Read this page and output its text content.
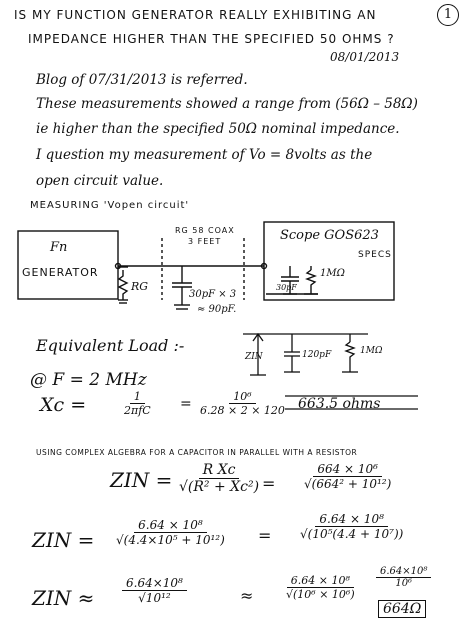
IS MY FUNCTION GENERATOR REALLY EXHIBITING AN	1
IMPEDANCE HIGHER THAN THE SPECIFIED 50 OHMS ?
08/01/2013
Blog of 07/31/2013 is referred.
These measurements showed a range from (56Ω – 58Ω)
ie higher than the specified 50Ω nominal impedance.
I question my measurement of Vo = 8volts as the
open circuit value.
MEASURING 'Vopen circuit'
Fn
GENERATOR
RG
RG 58 COAX
3 FEET
30pF × 3
≈ 90pF.
Scope GOS623
SPECS
30pF
1MΩ
Equivalent Load :-
ZIN	120pF	1MΩ
@ F = 2 MHz
Xc =	$\frac{1}{\text{2πfC}} = \frac{\text{10⁶}}{6.28 \times 2 \times 120} 663.5$ ohms
USING COMPLEX ALGEBRA FOR A CAPACITOR IN PARALLEL WITH A RESISTOR
ZIN = $\frac{\text{R Xc}}{\text{√(R² + Xc²)}}$
= $\frac{\text{664 × 10⁶}}{\text{√(664² + 10¹²)}}$
ZIN = $\frac{\text{6.64 × 10⁸}}{\text{√(4.4×10⁵ + 10¹²)}} = \frac{\text{6.64 × 10⁸}}{\text{√(10⁵(4.4 + 10⁷))}}$
ZIN ≈ $\frac{\text{6.64×10⁸}}{\text{√10¹²}}$	≈	$\frac{\text{6.64 × 10⁸}}{\text{√(10⁶ × 10⁶)}} \frac{\text{6.64×10⁸}}{\text{10⁶}}$
664Ω
